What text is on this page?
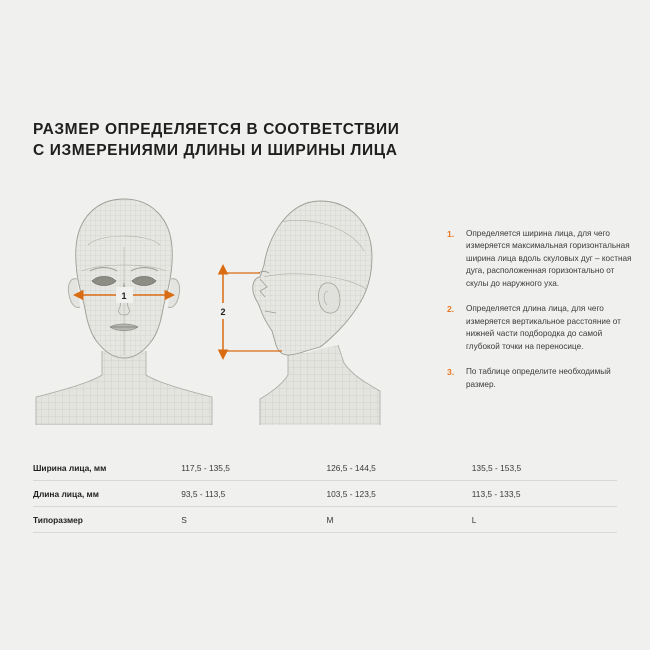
РАЗМЕР ОПРЕДЕЛЯЕТСЯ В СООТВЕТСТВИИ
С ИЗМЕРЕНИЯМИ ДЛИНЫ И ШИРИНЫ ЛИЦА
1
2
1. Определяется ширина лица, для чего измеряется максимальная горизонтальная ширина лица вдоль скуловых дуг – костная дуга, расположенная горизонтально от скулы до наружного уха.
2. Определяется длина лица, для чего измеряется вертикальное расстояние от нижней части подбородка до самой глубокой точки на переносице.
3. По таблице определите необходимый размер.
Ширина лица, мм	117,5 - 135,5	126,5 - 144,5	135,5 - 153,5
Длина лица, мм	93,5 - 113,5	103,5 - 123,5	113,5 - 133,5
Типоразмер	S	M	L
